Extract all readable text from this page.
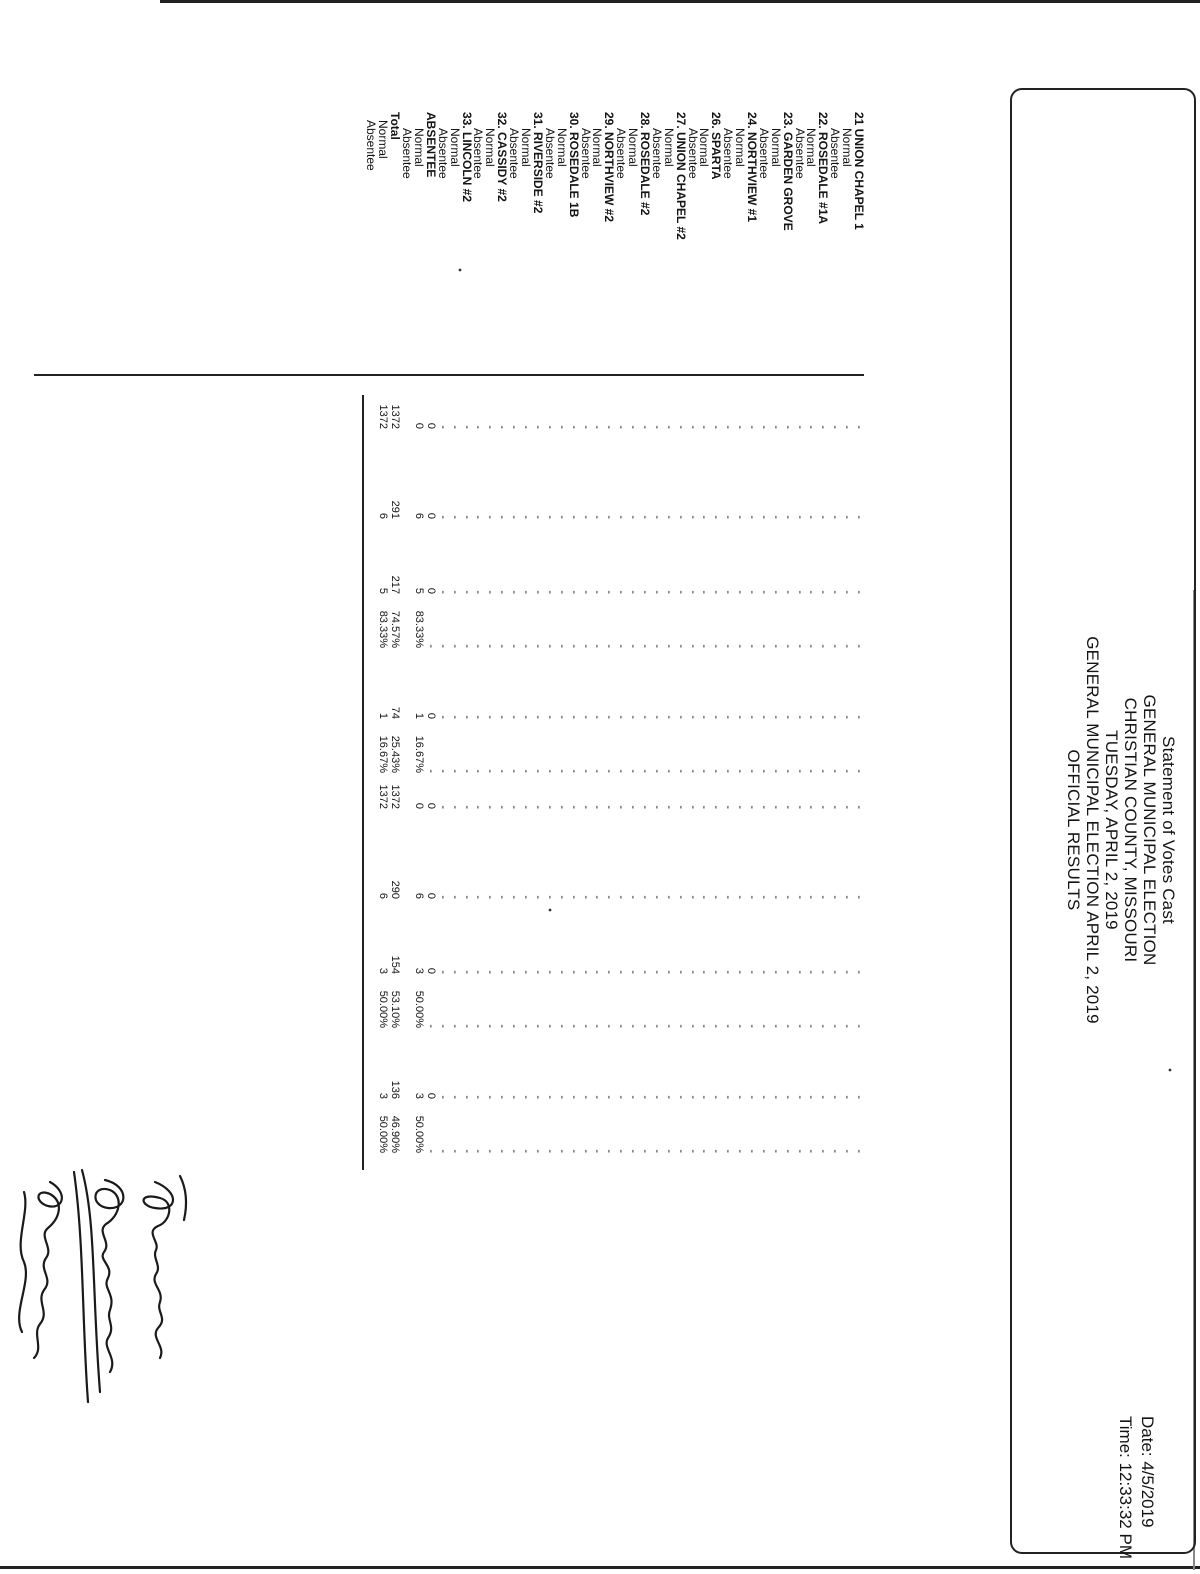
Statement of Votes Cast
GENERAL MUNICIPAL ELECTION
CHRISTIAN COUNTY, MISSOURI
TUESDAY, APRIL 2, 2019
GENERAL MUNICIPAL ELECTION APRIL 2, 2019
OFFICIAL RESULTS
Date: 4/5/2019
Time: 12:33:32 PM
21 UNION CHAPEL 1
Normal
Absentee
22. ROSEDALE #1A
Normal
Absentee
23. GARDEN GROVE
Normal
Absentee
24. NORTHVIEW #1
Normal
Absentee
26. SPARTA
Normal
Absentee
27. UNION CHAPEL #2
Normal
Absentee
28. ROSEDALE #2
Normal
Absentee
29. NORTHVIEW #2
Normal
Absentee
30. ROSEDALE 1B
Normal
Absentee
31. RIVERSIDE #2
Normal
Absentee
32. CASSIDY #2
Normal
Absentee
33. LINCOLN #2
Normal
Absentee
ABSENTEE
Normal
Absentee
Total
Normal
Absentee
-
-
-
-
-
-
-
-
-
-
-
-
-
-
-
-
-
-
-
-
-
-
-
-
-
-
-
-
-
-
-
-
-
-
-
-
0
0
1372
1372
-
-
-
-
-
-
-
-
-
-
-
-
-
-
-
-
-
-
-
-
-
-
-
-
-
-
-
-
-
-
-
-
-
-
-
-
0
6
291
6
--
--
--
--
--
--
--
--
--
--
--
--
--
--
--
--
--
--
--
--
--
--
--
--
--
--
--
--
--
--
--
--
--
--
--
--
0-
583.33%
21774.57%
583.33%
--
--
--
--
--
--
--
--
--
--
--
--
--
--
--
--
--
--
--
--
--
--
--
--
--
--
--
--
--
--
--
--
--
--
--
--
0-
116.67%
7425.43%
116.67%
-
-
-
-
-
-
-
-
-
-
-
-
-
-
-
-
-
-
-
-
-
-
-
-
-
-
-
-
-
-
-
-
-
-
-
-
0
0
1372
1372
-
-
-
-
-
-
-
-
-
-
-
-
-
-
-
-
-
-
-
-
-
-
-
-
-
-
-
-
-
-
-
-
-
-
-
-
0
6
290
6
--
--
--
--
--
--
--
--
--
--
--
--
--
--
--
--
--
--
--
--
--
--
--
--
--
--
--
--
--
--
--
--
--
--
--
--
0-
350.00%
15453.10%
350.00%
--
--
--
--
--
--
--
--
--
--
--
--
--
--
--
--
--
--
--
--
--
--
--
--
--
--
--
--
--
--
--
--
--
--
--
--
0-
350.00%
13646.90%
350.00%
